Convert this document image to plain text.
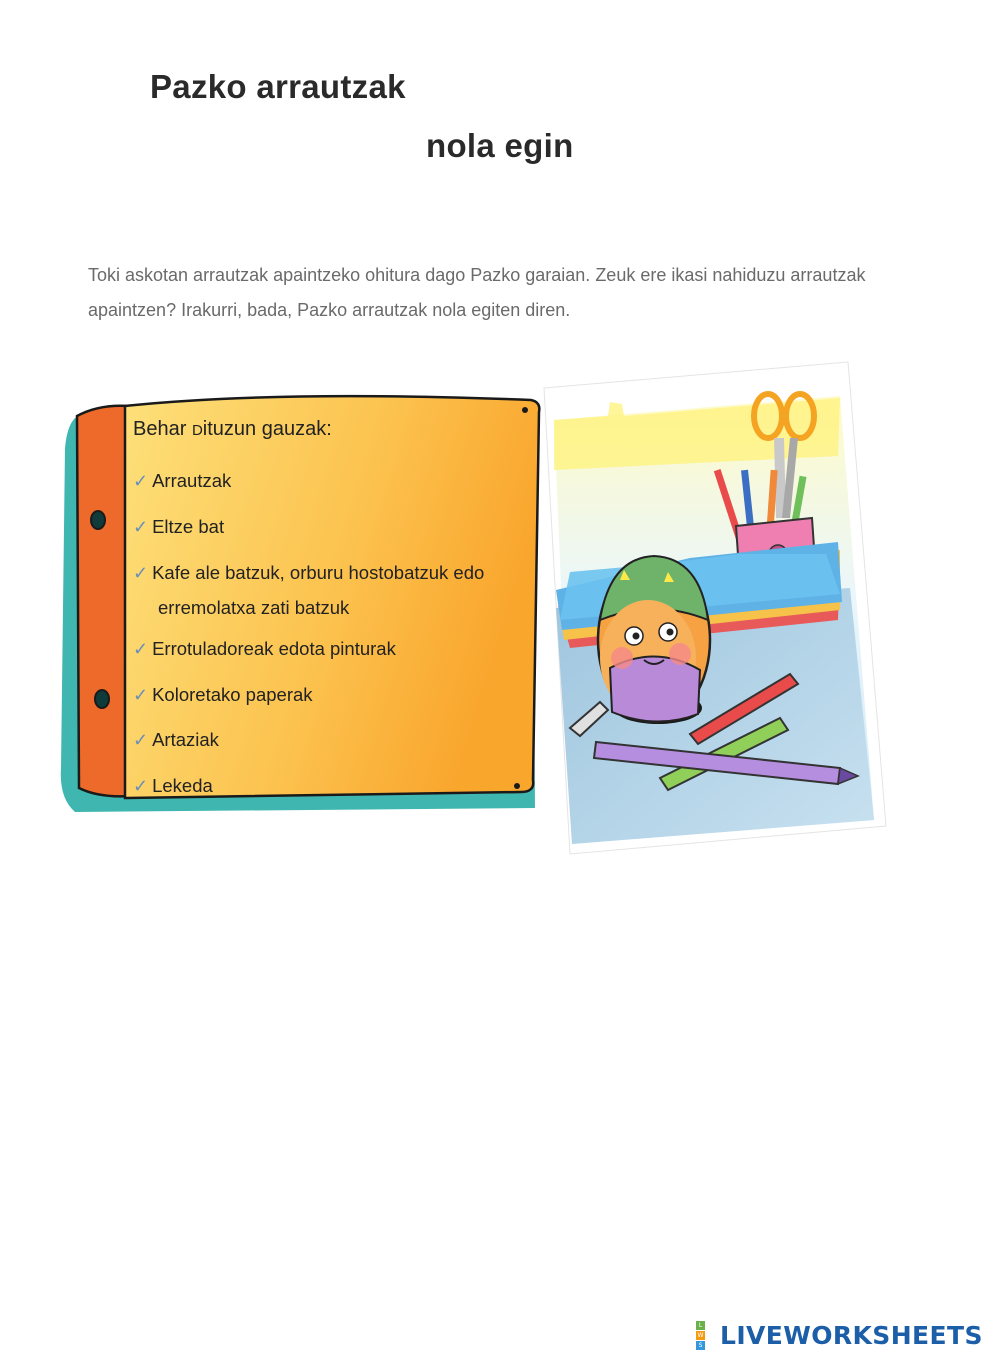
Pazko arrautzak
nola egin

Toki askotan arrautzak apaintzeko ohitura dago Pazko garaian. Zeuk ere ikasi nahiduzu arrautzak

apaintzen? Irakurri, bada, Pazko arrautzak nola egiten diren.

Behar Dituzun gauzak:
✓ Arrautzak
✓ Eltze bat
✓ Kafe ale batzuk, orburu hostobatzuk edo
erremolatxa zati batzuk
✓ Errotuladoreak edota pinturak
✓ Koloretako paperak
✓ Artaziak
✓ Lekeda
L
W
S LIVEWORKSHEETS
